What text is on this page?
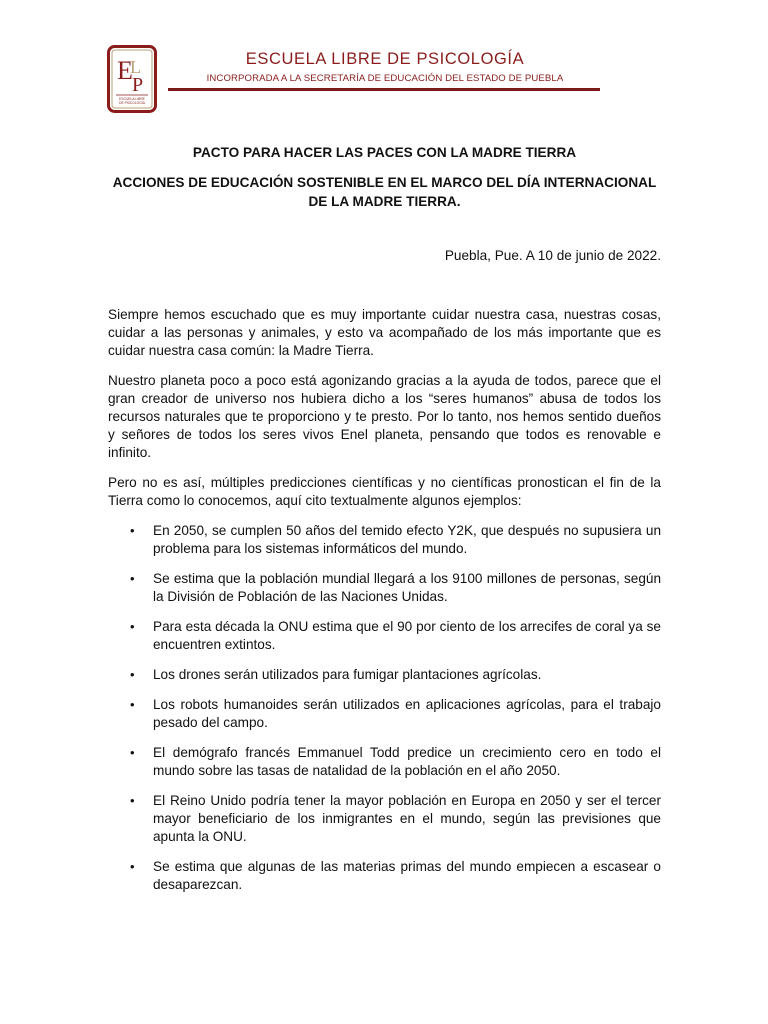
E
L
P
ESCUELA LIBRE
DE PSICOLOGÍA
ESCUELA LIBRE DE PSICOLOGÍA
INCORPORADA A LA SECRETARÍA DE EDUCACIÓN DEL ESTADO DE PUEBLA
PACTO PARA HACER LAS PACES CON LA MADRE TIERRA
ACCIONES DE EDUCACIÓN SOSTENIBLE EN EL MARCO DEL DÍA INTERNACIONAL DE LA MADRE TIERRA.
Puebla, Pue. A 10 de junio de 2022.

Siempre hemos escuchado que es muy importante cuidar nuestra casa, nuestras cosas, cuidar a las personas y animales, y esto va acompañado de los más importante que es cuidar nuestra casa común: la Madre Tierra.

Nuestro planeta poco a poco está agonizando gracias a la ayuda de todos, parece que el gran creador de universo nos hubiera dicho a los “seres humanos” abusa de todos los recursos naturales que te proporciono y te presto. Por lo tanto, nos hemos sentido dueños y señores de todos los seres vivos Enel planeta, pensando que todos es renovable e infinito.

Pero no es así, múltiples predicciones científicas y no científicas pronostican el fin de la Tierra como lo conocemos, aquí cito textualmente algunos ejemplos:

• En 2050, se cumplen 50 años del temido efecto Y2K, que después no supusiera un problema para los sistemas informáticos del mundo.
• Se estima que la población mundial llegará a los 9100 millones de personas, según la División de Población de las Naciones Unidas.
• Para esta década la ONU estima que el 90 por ciento de los arrecifes de coral ya se encuentren extintos.
• Los drones serán utilizados para fumigar plantaciones agrícolas.
• Los robots humanoides serán utilizados en aplicaciones agrícolas, para el trabajo pesado del campo.
• El demógrafo francés Emmanuel Todd predice un crecimiento cero en todo el mundo sobre las tasas de natalidad de la población en el año 2050.
• El Reino Unido podría tener la mayor población en Europa en 2050 y ser el tercer mayor beneficiario de los inmigrantes en el mundo, según las previsiones que apunta la ONU.
• Se estima que algunas de las materias primas del mundo empiecen a escasear o desaparezcan.
